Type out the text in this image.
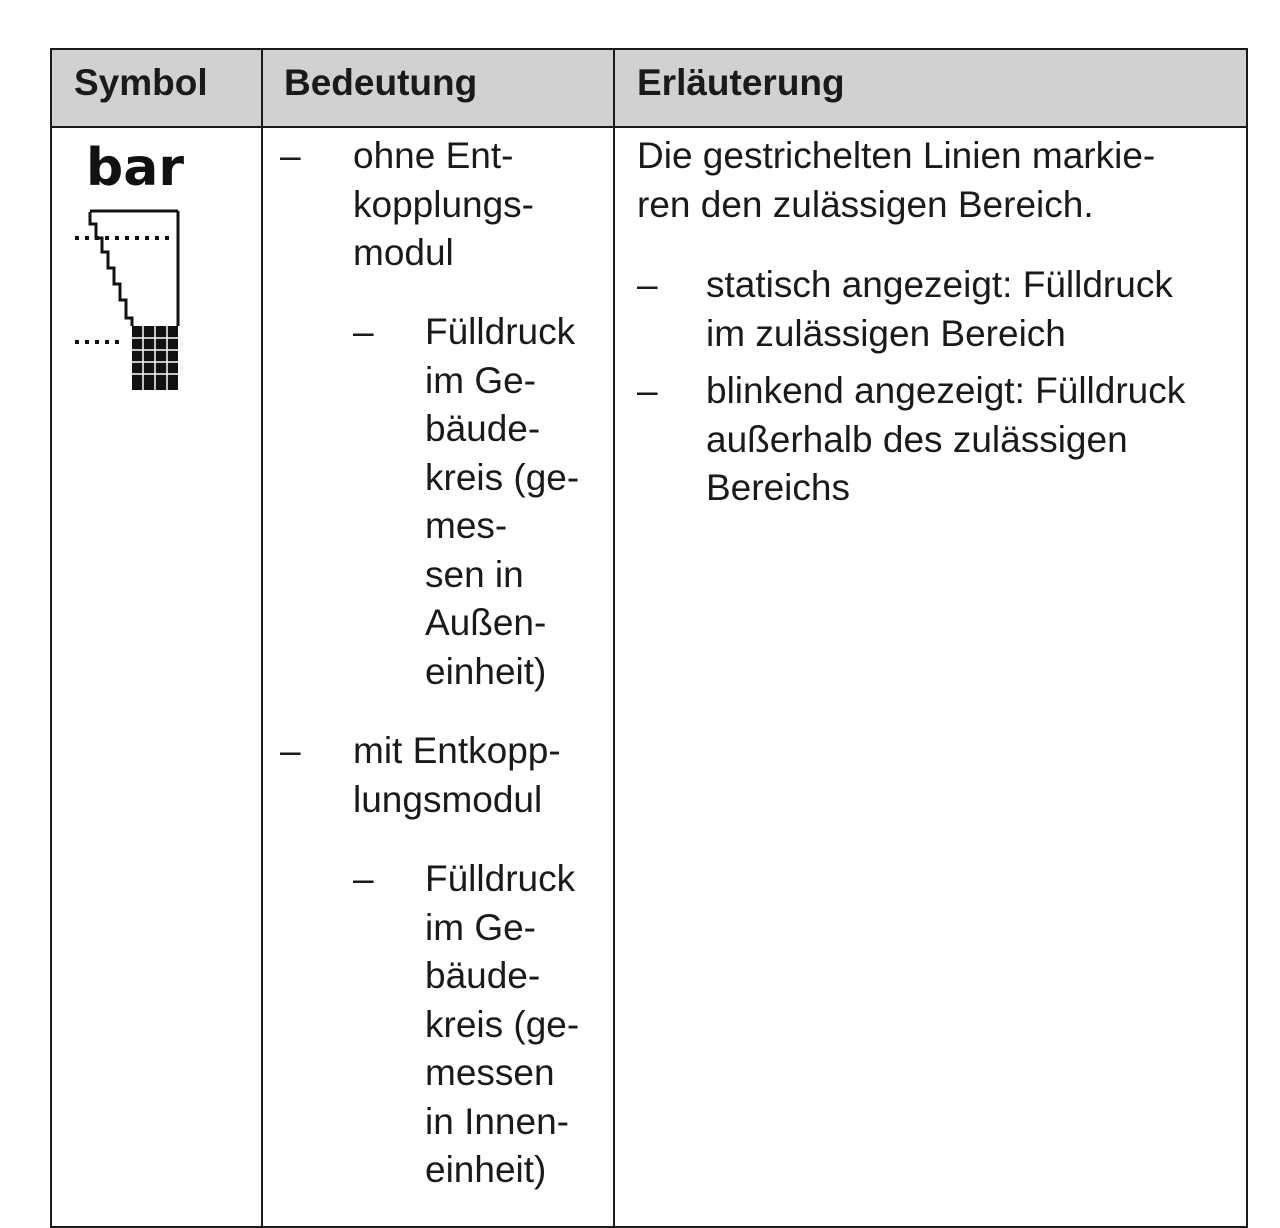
Symbol Bedeutung	Erläuterung
bar	– ohne Ent-
kopplungs-
modul
– Fülldruck
im Ge-
bäude-
kreis (ge-
mes-
sen in
Außen-
einheit)
– mit Entkopp-
lungsmodul
– Fülldruck
im Ge-
bäude-
kreis (ge-
messen
in Innen-
einheit)
Die gestrichelten Linien markie-
ren den zulässigen Bereich.
– statisch angezeigt: Fülldruck
im zulässigen Bereich
– blinkend angezeigt: Fülldruck
außerhalb des zulässigen
Bereichs
